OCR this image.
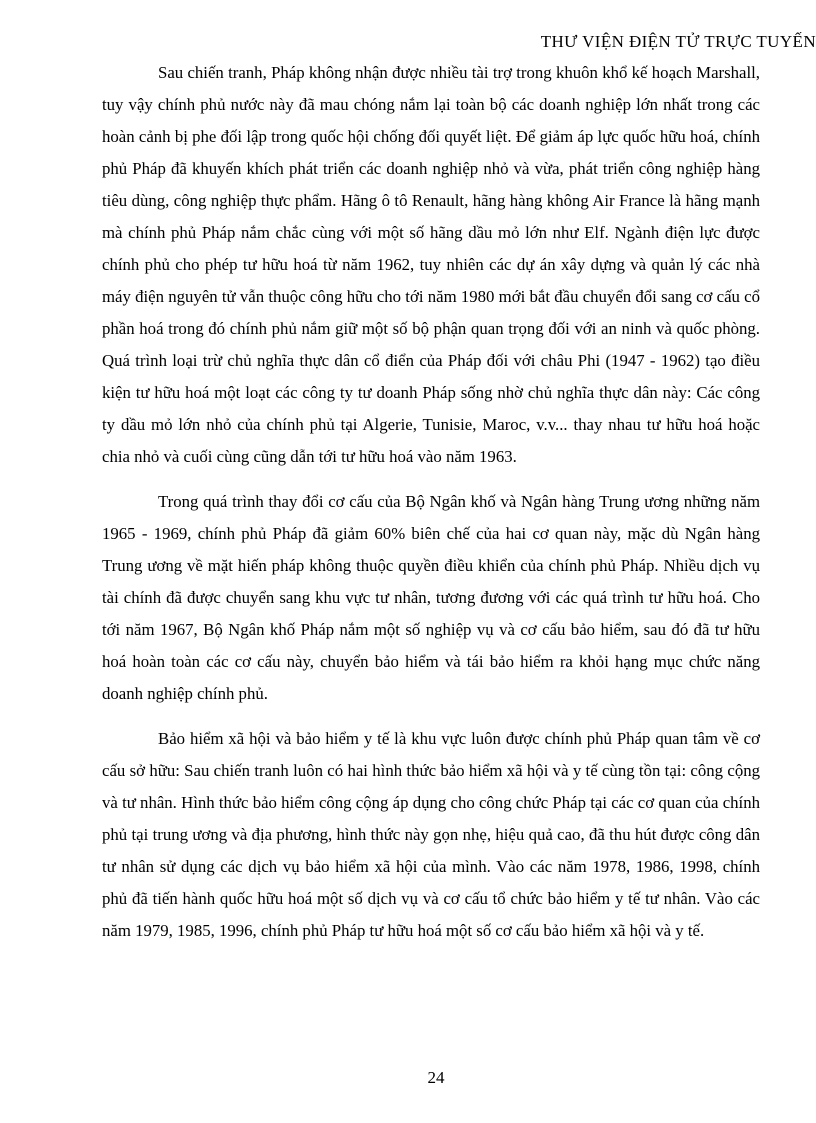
THƯ VIỆN ĐIỆN TỬ TRỰC TUYẾN

Sau chiến tranh, Pháp không nhận được nhiều tài trợ trong khuôn khổ kế hoạch Marshall, tuy vậy chính phủ nước này đã mau chóng nắm lại toàn bộ các doanh nghiệp lớn nhất trong các hoàn cảnh bị phe đối lập trong quốc hội chống đối quyết liệt. Để giảm áp lực quốc hữu hoá, chính phủ Pháp đã khuyến khích phát triển các doanh nghiệp nhỏ và vừa, phát triển công nghiệp hàng tiêu dùng, công nghiệp thực phẩm. Hãng ô tô Renault, hãng hàng không Air France là hãng mạnh mà chính phủ Pháp nắm chắc cùng với một số hãng dầu mỏ lớn như Elf. Ngành điện lực được chính phủ cho phép tư hữu hoá từ năm 1962, tuy nhiên các dự án xây dựng và quản lý các nhà máy điện nguyên tử vẫn thuộc công hữu cho tới năm 1980 mới bắt đầu chuyển đổi sang cơ cấu cổ phần hoá trong đó chính phủ nắm giữ một số bộ phận quan trọng đối với an ninh và quốc phòng. Quá trình loại trừ chủ nghĩa thực dân cổ điển của Pháp đối với châu Phi (1947 - 1962) tạo điều kiện tư hữu hoá một loạt các công ty tư doanh Pháp sống nhờ chủ nghĩa thực dân này: Các công ty dầu mỏ lớn nhỏ của chính phủ tại Algerie, Tunisie, Maroc, v.v... thay nhau tư hữu hoá hoặc chia nhỏ và cuối cùng cũng dẫn tới tư hữu hoá vào năm 1963.

Trong quá trình thay đổi cơ cấu của Bộ Ngân khố và Ngân hàng Trung ương những năm 1965 - 1969, chính phủ Pháp đã giảm 60% biên chế của hai cơ quan này, mặc dù Ngân hàng Trung ương về mặt hiến pháp không thuộc quyền điều khiển của chính phủ Pháp. Nhiều dịch vụ tài chính đã được chuyển sang khu vực tư nhân, tương đương với các quá trình tư hữu hoá. Cho tới năm 1967, Bộ Ngân khố Pháp nắm một số nghiệp vụ và cơ cấu bảo hiểm, sau đó đã tư hữu hoá hoàn toàn các cơ cấu này, chuyển bảo hiểm và tái bảo hiểm ra khỏi hạng mục chức năng doanh nghiệp chính phủ.

Bảo hiểm xã hội và bảo hiểm y tế là khu vực luôn được chính phủ Pháp quan tâm về cơ cấu sở hữu: Sau chiến tranh luôn có hai hình thức bảo hiểm xã hội và y tế cùng tồn tại: công cộng và tư nhân. Hình thức bảo hiểm công cộng áp dụng cho công chức Pháp tại các cơ quan của chính phủ tại trung ương và địa phương, hình thức này gọn nhẹ, hiệu quả cao, đã thu hút được công dân tư nhân sử dụng các dịch vụ bảo hiểm xã hội của mình. Vào các năm 1978, 1986, 1998, chính phủ đã tiến hành quốc hữu hoá một số dịch vụ và cơ cấu tổ chức bảo hiểm y tế tư nhân. Vào các năm 1979, 1985, 1996, chính phủ Pháp tư hữu hoá một số cơ cấu bảo hiểm xã hội và y tế.

24
